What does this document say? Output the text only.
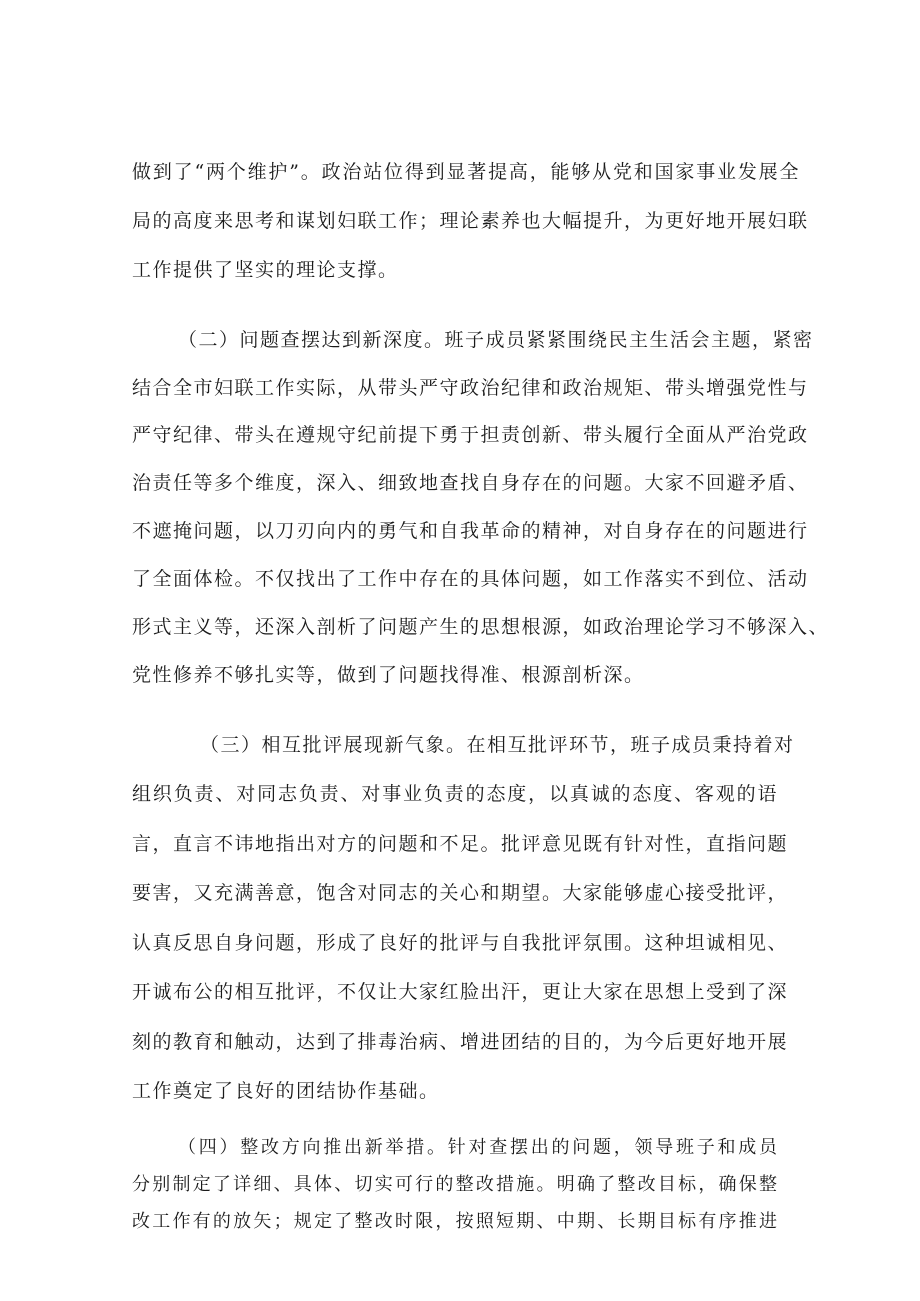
做到了“两个维护”。政治站位得到显著提高，能够从党和国家事业发展全
局的高度来思考和谋划妇联工作；理论素养也大幅提升，为更好地开展妇联
工作提供了坚实的理论支撑。
（二）问题查摆达到新深度。班子成员紧紧围绕民主生活会主题，紧密
结合全市妇联工作实际，从带头严守政治纪律和政治规矩、带头增强党性与
严守纪律、带头在遵规守纪前提下勇于担责创新、带头履行全面从严治党政
治责任等多个维度，深入、细致地查找自身存在的问题。大家不回避矛盾、
不遮掩问题，以刀刃向内的勇气和自我革命的精神，对自身存在的问题进行
了全面体检。不仅找出了工作中存在的具体问题，如工作落实不到位、活动
形式主义等，还深入剖析了问题产生的思想根源，如政治理论学习不够深入、
党性修养不够扎实等，做到了问题找得准、根源剖析深。
（三）相互批评展现新气象。在相互批评环节，班子成员秉持着对
组织负责、对同志负责、对事业负责的态度，以真诚的态度、客观的语
言，直言不讳地指出对方的问题和不足。批评意见既有针对性，直指问题
要害，又充满善意，饱含对同志的关心和期望。大家能够虚心接受批评，
认真反思自身问题，形成了良好的批评与自我批评氛围。这种坦诚相见、
开诚布公的相互批评，不仅让大家红脸出汗，更让大家在思想上受到了深
刻的教育和触动，达到了排毒治病、增进团结的目的，为今后更好地开展
工作奠定了良好的团结协作基础。
（四）整改方向推出新举措。针对查摆出的问题，领导班子和成员
分别制定了详细、具体、切实可行的整改措施。明确了整改目标，确保整
改工作有的放矢；规定了整改时限，按照短期、中期、长期目标有序推进
